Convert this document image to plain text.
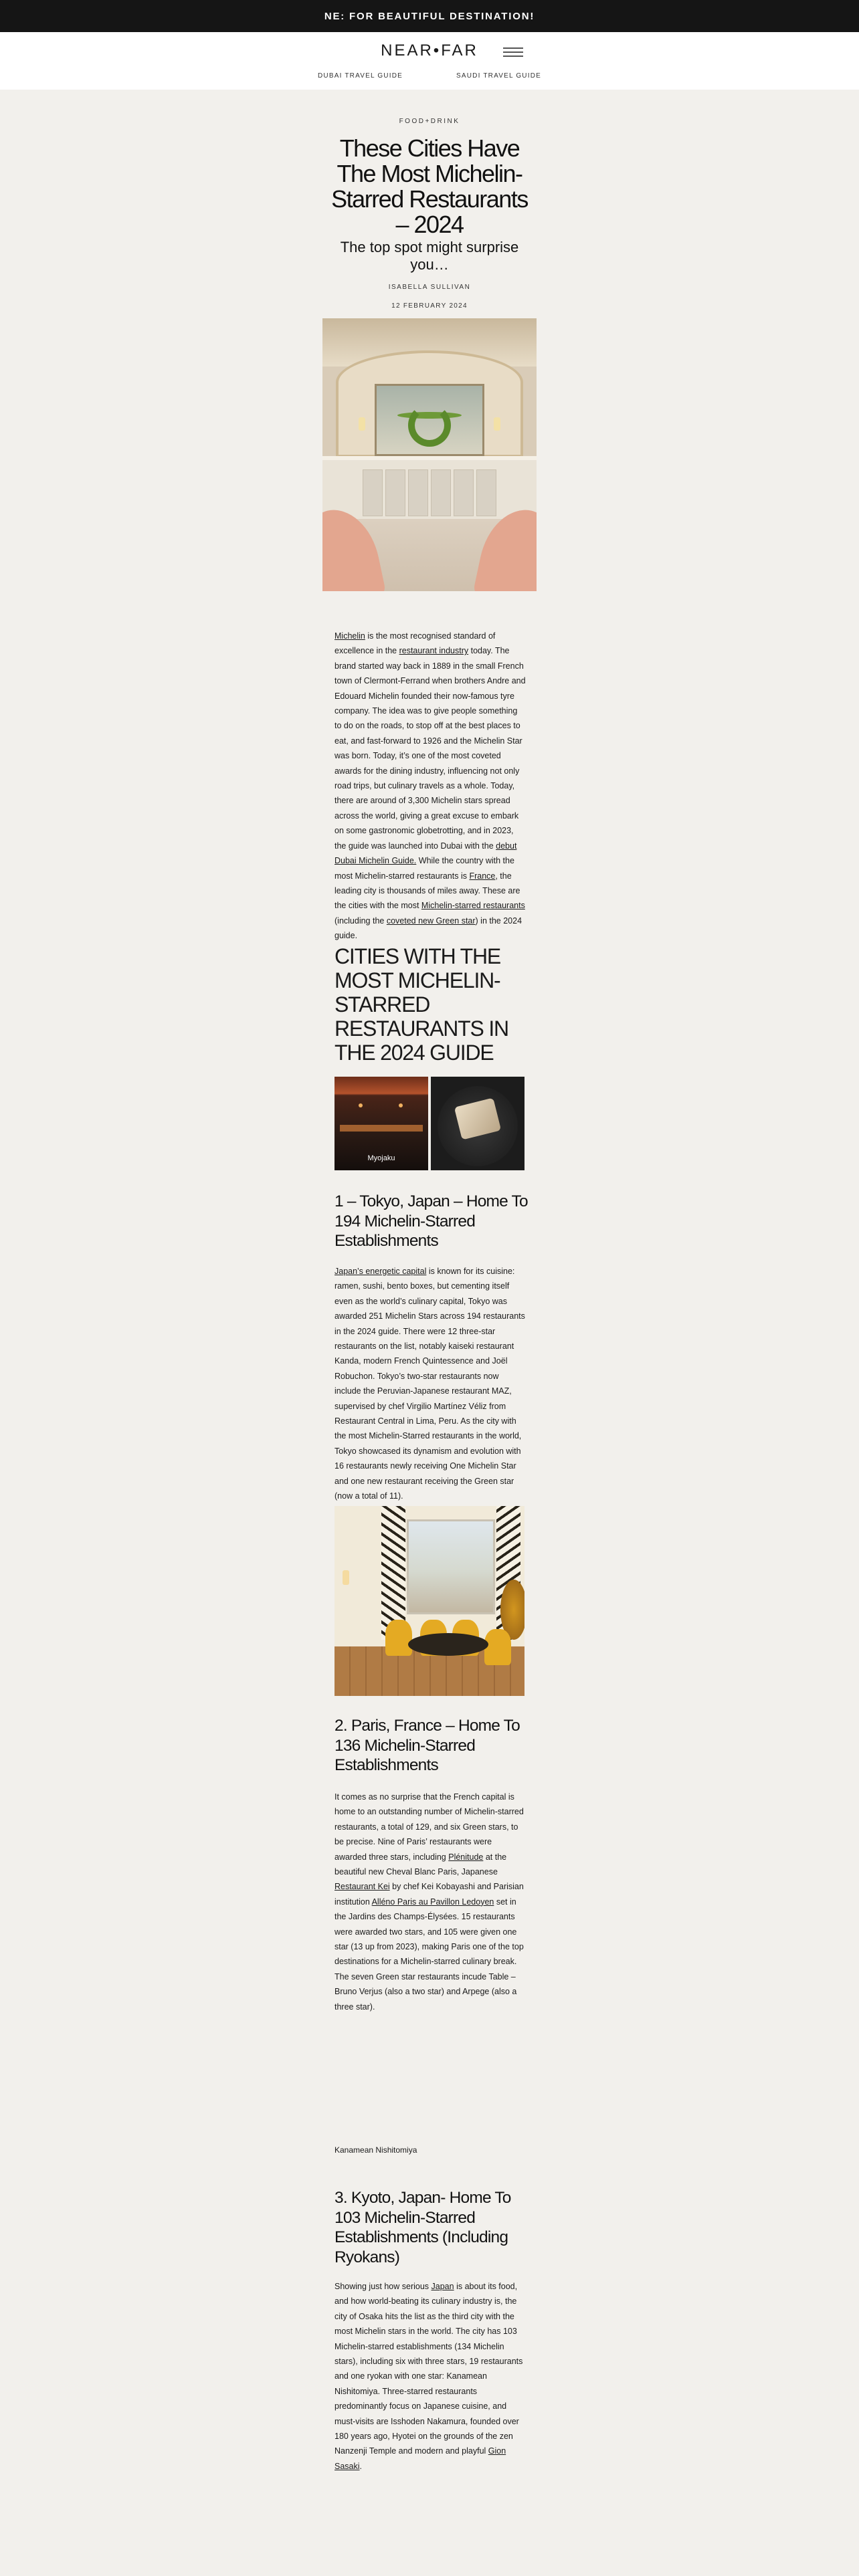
NE: FOR BEAUTIFUL DESTINATION!
NEAR•FAR
DUBAI TRAVEL GUIDE	SAUDI TRAVEL GUIDE
FOOD+DRINK
These Cities Have The Most Michelin-Starred Restaurants – 2024
The top spot might surprise you…
ISABELLA SULLIVAN
12 FEBRUARY 2024

Michelin is the most recognised standard of excellence in the restaurant industry today. The brand started way back in 1889 in the small French town of Clermont-Ferrand when brothers Andre and Edouard Michelin founded their now-famous tyre company. The idea was to give people something to do on the roads, to stop off at the best places to eat, and fast-forward to 1926 and the Michelin Star was born. Today, it’s one of the most coveted awards for the dining industry, influencing not only road trips, but culinary travels as a whole. Today, there are around of 3,300 Michelin stars spread across the world, giving a great excuse to embark on some gastronomic globetrotting, and in 2023, the guide was launched into Dubai with the debut Dubai Michelin Guide. While the country with the most Michelin-starred restaurants is France, the leading city is thousands of miles away. These are the cities with the most Michelin-starred restaurants (including the coveted new Green star) in the 2024 guide.

CITIES WITH THE MOST MICHELIN-STARRED RESTAURANTS IN THE 2024 GUIDE
Myojaku
1 – Tokyo, Japan – Home To 194 Michelin-Starred Establishments

Japan’s energetic capital is known for its cuisine: ramen, sushi, bento boxes, but cementing itself even as the world’s culinary capital, Tokyo was awarded 251 Michelin Stars across 194 restaurants in the 2024 guide. There were 12 three-star restaurants on the list, notably kaiseki restaurant Kanda, modern French Quintessence and Joël Robuchon. Tokyo’s two-star restaurants now include the Peruvian-Japanese restaurant MAZ, supervised by chef Virgilio Martínez Véliz from Restaurant Central in Lima, Peru. As the city with the most Michelin-Starred restaurants in the world, Tokyo showcased its dynamism and evolution with 16 restaurants newly receiving One Michelin Star and one new restaurant receiving the Green star (now a total of 11).

2. Paris, France – Home To 136 Michelin-Starred Establishments

It comes as no surprise that the French capital is home to an outstanding number of Michelin-starred restaurants, a total of 129, and six Green stars, to be precise. Nine of Paris’ restaurants were awarded three stars, including Plénitude at the beautiful new Cheval Blanc Paris, Japanese Restaurant Kei by chef Kei Kobayashi and Parisian institution Alléno Paris au Pavillon Ledoyen set in the Jardins des Champs-Élysées. 15 restaurants were awarded two stars, and 105 were given one star (13 up from 2023), making Paris one of the top destinations for a Michelin-starred culinary break. The seven Green star restaurants incude Table – Bruno Verjus (also a two star) and Arpege (also a three star).

Kanamean Nishitomiya
3. Kyoto, Japan- Home To 103 Michelin-Starred Establishments (Including Ryokans)

Showing just how serious Japan is about its food, and how world-beating its culinary industry is, the city of Osaka hits the list as the third city with the most Michelin stars in the world. The city has 103 Michelin-starred establishments (134 Michelin stars), including six with three stars, 19 restaurants and one ryokan with one star: Kanamean Nishitomiya. Three-starred restaurants predominantly focus on Japanese cuisine, and must-visits are Isshoden Nakamura, founded over 180 years ago, Hyotei on the grounds of the zen Nanzenji Temple and modern and playful Gion Sasaki.
